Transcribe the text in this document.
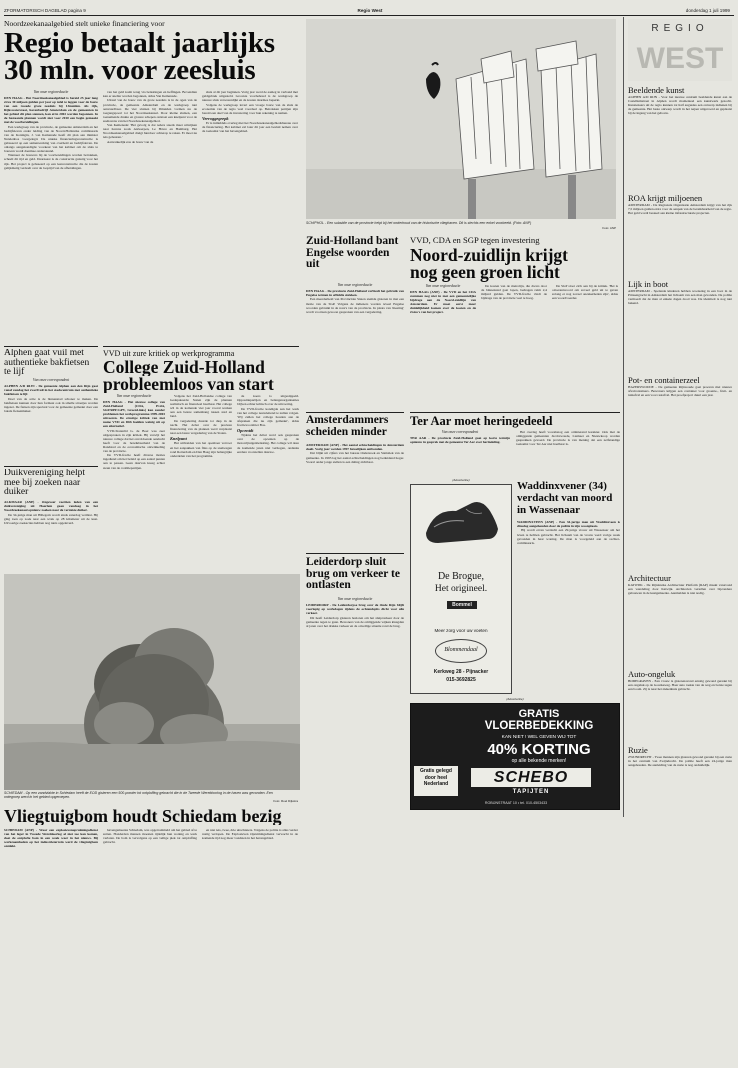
ZFORMATORISCH DAGBLAD pagina 9	Regio West	donderdag 1 juli 1999
Noordzeekanaalgebied stelt unieke financiering voor
Regio betaalt jaarlijks
30 mln. voor zeesluis
Van onze regioredactie

DEN HAAG - Het Noordzeekanaalgebied is bereid 25 jaar lang circa 30 miljoen gulden per jaar op tafel te leggen voor de bouw van een tweede grote zeesluis bij IJmuiden. Als rijk, Rijkswaterstaat, havenbedrijf Amsterdam en de gemeenten in het gebied dit plan steunen, kan al in 2002 worden begonnen. In de bestaande plannen wordt niet voor 2010 een begin gemaakt met de voorbereidingen.

Een werkgroep van de provincie, de gemeente Amsterdam en het bedrijfsleven onder leiding van de Noord-Hollandse commissaris van de Koningin, J. van Kemenade heeft dit plan aan minister Netelenbos voorgelegd. De unieke financieringsconstructie is gebaseerd op een samenwerking van overheid en bedrijfsleven. De onlangs aangekondigde voorkeur van het kabinet om de sluis te bouwen wordt daarmee ondersteund.

Wanneer de bouwers bij de voorbereidingen worden betrokken, scheelt dit tijd en geld. Daarnaast is de constructie gunstig voor het rijk. Het project is gebaseerd op een leenconstructie die de kosten gelijkmatig verdeelt over de looptijd van de afbetalingen.

van het geld komt terug via belastingen en heffingen. Bovendien kan er sneller worden begonnen, aldus Van Kemenade.

Uitstel van de bouw van de grote zeesluis is in de ogen van de provincie, de gemeente Amsterdam en de werkgroep niet aanvaardbaar. De vier sluizen bij IJmuiden vormen nu de toegangspoort tot het Noordzeekanaal. Door kleine sluizen, een toenemende drukte en grotere schepen ontstaat een knelpunt voor de zeehavens van het Noordzeekanaalgebied.

Van Kemenade: 'Het gevolg is dat reders steeds meer uitwijken naar havens zoals Antwerpen, Le Havre en Hamburg. Het Noordzeekanaalgebied dreigt hierdoor achterop te raken. Er moet nu iets gebeuren.'

Aanvankelijk zou de bouw van de

sluis al dit jaar beginnen. Vorig jaar werd de aanleg in verband met geldgebrek uitgesteld. Grootste voorbehoud is de werkgroep de nieuwe sluis verwezenlijkt en de kosten daarmee beperkt.

Volgens de werkgroep levert een vroege bouw van de sluis de economie van de regio veel voordeel op. Betrokken partijen zijn bereid een deel van de investering voor hun rekening te nemen.

Verroggegrepk

Er is inmiddels overleg met het Noordzeekanaalgebiedsbureau over de financiering. Het kabinet zal later dit jaar een besluit nemen over de toekomst van het havengebied.

SCHIPHOL - Een subsidie van de provincie helpt bij het onderhoud van de historische vlieghaven. Dit is slechts een enkel voorbeeld. (Foto: ANP)
Foto: ANP
Zuid-Holland bant Engelse woorden uit
Van onze regioredactie

DEN HAAG - De provincie Zuid-Holland verbiedt het gebruik van Engelse termen in officiële stukken.

Een meerderheid van Provinciale Staten stemde gisteren in met een motie van de SGP. Volgens de indieners worden teveel Engelse woorden gebruikt in de nota's van de provincie. In plaats van 'meeting' wordt voortaan gewoon gesproken van een vergadering.

Amsterdammers scheiden minder

AMSTERDAM (ANP) - Het aantal echtscheidingen in Amsterdam daalt. Vorig jaar werden 1997 huwelijken ontbonden.

Dat blijkt uit cijfers van het bureau Onderzoek en Statistiek van de gemeente. In 1993 lag het aantal echtscheidingen nog beduidend hoger. Vooral onder jonge stellen is een daling zichtbaar.

Leiderdorp sluit brug om verkeer te ontlasten
Van onze regioredactie

LEIDERDORP - De Leiderdorpse brug over de Oude Rijn blijft voorlopig op werkdagen tijdens de ochtendspits dicht voor alle verkeer.

Dit heeft Leiderdorp gisteren besloten om het sluipverkeer door de gemeente tegen te gaan. Bewoners van de omliggende wijken klaagden al jaren over het drukke verkeer en de onveilige situatie rond de brug.

VVD, CDA en SGP tegen investering
Noord-zuidlijn krijgt
nog geen groen licht
Van onze regioredactie

DEN HAAG (ANP) - De VVD en het CDA stemmen nog niet in met een gemeentelijke bijdrage aan de Noord-zuidlijn van Amsterdam. Er moet eerst meer duidelijkheid komen over de kosten en de risico's van het project.

De kosten van de metrolijn, die dwars door de binnenstad gaat lopen, bedragen ruim 2,4 miljard gulden. De VVD-fractie vindt de bijdrage van de provincie veel te hoog.

De SGP sloot zich aan bij de kritiek. 'Het is onverantwoord om zoveel geld uit te geven zolang er nog zoveel onzekerheden zijn', aldus een woordvoerder.

Ter Aar moet heringedeeld
Van onze correspondent

TER AAR - De provincie Zuid-Holland gaat op korte termijn opnieuw in gesprek met de gemeente Ter Aar over herindeling.

Het overleg heeft vooralsnog een oriënterend karakter. Ook met de omliggende gemeenten Jacobswoude, Liemeer en Nieuwkoop worden gesprekken gevoerd. De provincie is van mening dat een zelfstandige toekomst voor Ter Aar niet haalbaar is.

(Advertentie)
De Brogue,
Het origineel.
Bommel
Meer zorg voor uw voeten
Blommendaal
Kerkweg 28 - Pijnacker
015-3692825
Waddinxvener (34) verdacht van moord in Wassenaar

WADDINXVEEN (ANP) - Een 34-jarige man uit Waddinxveen is dinsdag aangehouden door de politie in zijn woonplaats.

Hij wordt ervan verdacht een 29-jarige vrouw uit Wassenaar om het leven te hebben gebracht. Het lichaam van de vrouw werd vorige week gevonden in haar woning. De man is voorgeleid aan de rechter-commissaris.

(Advertentie)
GRATIS
VLOERBEDEKKING
KAN NIET ! WEL GEVEN WIJ TOT
40% KORTING
op alle bekende merken!
Gratis gelegd door heel Nederland	SCHEBO
TAPIJTEN
ROBIJNSTRAAT 10 • tel. 010-4503433
Alphen gaat vuil met authentieke bakfietsen te lijf
Van onze correspondent

ALPHEN A/D RIJN - De gemeente Alphen aan den Rijn gaat vanaf zondag het zwerfvuil in het stadscentrum met authentieke bakfietsen te lijf.

Doel van de actie is de binnenstad schoner te maken. De bakfietsen kunnen door hun formaat ook in smalle straatjes worden ingezet. De fietsen zijn speciaal voor de gemeente gemaakt door een lokale fietsenmaker.

Duikvereniging helpt mee bij zoeken naar duiker

ALKMAAR (ANP) - Ongeveer veertien leden van een duikvereniging uit Haarlem gaan vandaag in het Noordzeekanaal opnieuw zoeken naar de vermiste duiker.

De 34-jarige man uit Hillegom wordt sinds zaterdag vermist. Hij ging toen op zoek naar een wrak op 28 kilometer uit de kust. Uitvoerige zoekacties hebben nog niets opgeleverd.

VVD uit zure kritiek op werkprogramma
College Zuid-Holland
probleemloos van start
Van onze regioredactie

DEN HAAG - Het nieuwe college van Zuid-Holland (CDA, PvdA, SGP/RPF/GPV, GroenLinks) kan zonder problemen het werkprogramma 1999-2003 uitvoeren. De ernstige kritiek van met name VVD en D66 hadden weinig uit op een alternatief.

VVD-Statenlid G. de Boer was zeer uitgesproken in zijn kritiek. Hij verwijt het nieuwe college dat het onvoldoende aandacht heeft voor de bereikbaarheid van de Randstad en de economische ontwikkeling van de provincie.

De VVD-fractie heeft diverse moties ingediend om het beleid op een aantal punten aan te passen. Geen daarvan kreeg echter steun van de coalitiepartijen.

Volgens het Zuid-Hollandse college van Gedeputeerde Staten zijn de plannen realistisch en financieel haalbaar. Het college wil in de komende vier jaar vooral werken aan een betere samenhang tussen stad en land.

De vergadering duurde tot diep in de nacht. Het debat over de precieze financiering van de plannen werd verplaatst naar een latere vergadering van de Staten.

Knelpunt

Het uitbreiden van het openbaar vervoer en het aanpakken van files op de snelwegen rond Rotterdam en Den Haag zijn belangrijke onderdelen van het programma.

de koers is uitgestippeld. Oppositiepartijen en belangenorganisaties blijven echter kritisch over de uitvoering.

De VVD-fractie kondigde aan het werk van het college nauwlettend te zullen volgen. 'Wij zullen het college houden aan de afspraken die nu zijn gemaakt', aldus fractievoorzitter Bos.

Opcentdt

Tijdens het debat werd ook gesproken over de opcenten op de motorrijtuigenbelasting. Het college wil deze de komende jaren niet verhogen, ondanks eerdere voorstellen daartoe.

SCHIEDAM - Op een zandvlakte in Schiedam heeft de EOD gisteren een 500-ponder tot ontploffing gebracht die in de Tweede Wereldoorlog in de haven was gevonden. Een ordegroep werd in het gebied opgeroepen.
Foto: Roel Dijkstra
Vliegtuigbom houdt Schiedam bezig

SCHIEDAM (ANP) - Waar een explosievenopruimingsdienst van het leger in Tweede Wereldoorlog al niet toe kan komen, doet de ontplofte bom in een week weer in het nieuws. Bij werkzaamheden op het industrieterrein werd de vliegtuigbom ontdekt.

havengemeente Schiedam, was opgetrommeld om het gebied af te zetten. Honderden mensen moesten tijdelijk hun woning en werk verlaten. De bom is vervolgens op een veilige plek tot ontploffing gebracht.

en niet iets, twee, drie uitschieters. Volgens de politie is alles verder rustig verlopen. De Explosieven Opruimingsdienst verwacht in de komende tijd nog meer vondsten in het havengebied.

REGIO
WEST
Beeldende kunst

ALPHEN A/D RIJN - Voor het nieuwe centrum beeldende kunst aan de Castellumstraat in Alphen wordt momenteel een kunstwerk gezocht. Kunstenaars uit de regio kunnen tot half augustus een ontwerp indienen bij de gemeente. Het beste ontwerp wordt in het najaar uitgevoerd en geplaatst bij de ingang van het gebouw.

ROA krijgt miljoenen

AMSTERDAM - De Regionale Organisatie Amsterdam krijgt van het rijk 7,5 miljoen gulden extra voor de aanpak van de bereikbaarheid van de regio. Het geld wordt besteed aan kleine infrastructurele projecten.

Lijk in boot

AMSTERDAM - Spelende kinderen hebben woensdag in een boot in de Prinsengracht in Amsterdam het lichaam van een man gevonden. De politie vermoedt dat de man al enkele dagen dood was. De identiteit is nog niet bekend.

Pot- en containerzeel

HAZERSWOUDE - De gemeente Rijnwoude gaat proeven met nieuwe afvalcontainers. Bewoners krijgen een container voor groente-, fruit- en tuinafval en een voor restafval. Het proefproject duurt een jaar.

Architectuur

KATWIJK - De Rijnlandse Architectuur Platform (RAP) maakt vanavond een wandeling door Katwijk. Architecten vertellen over bijzondere gebouwen in de kustgemeente. Aanmelden is niet nodig.

Auto-ongeluk

BODEGRAVEN - Een vrouw is gisterenavond ernstig gewond geraakt bij een ongeluk op de Goudseweg. Haar auto raakte van de weg en botste tegen een boom. Zij is naar het ziekenhuis gebracht.

Ruzie

ZWIJNDRECHT - Twee mannen zijn gisteren gewond geraakt bij een ruzie in het centrum van Zwijndrecht. De politie heeft een 24-jarige man aangehouden. De aanleiding van de ruzie is nog onduidelijk.
